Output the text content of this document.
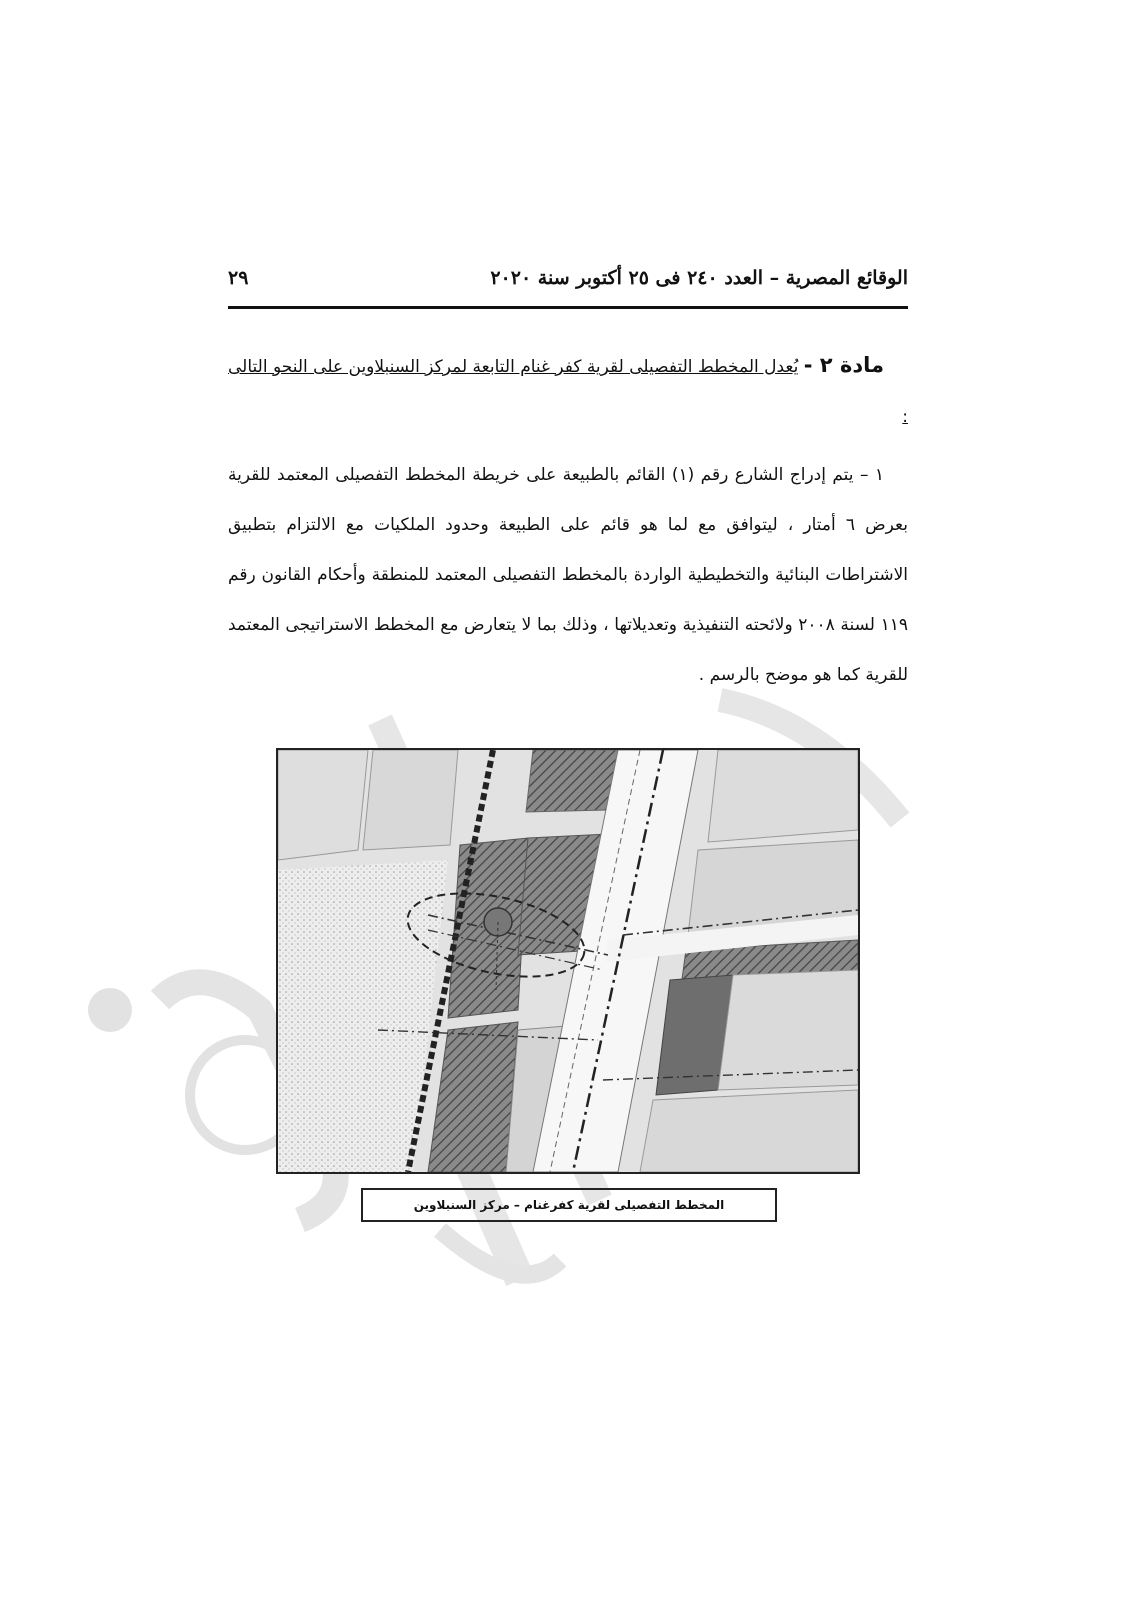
الوقائع المصرية – العدد ٢٤٠ فى ٢٥ أكتوبر سنة ٢٠٢٠
٢٩

مادة ٢ - يُعدل المخطط التفصيلى لقرية كفر غنام التابعة لمركز السنبلاوين على النحو التالى :

١ – يتم إدراج الشارع رقم (١) القائم بالطبيعة على خريطة المخطط التفصيلى المعتمد للقرية بعرض ٦ أمتار ، ليتوافق مع لما هو قائم على الطبيعة وحدود الملكيات مع الالتزام بتطبيق الاشتراطات البنائية والتخطيطية الواردة بالمخطط التفصيلى المعتمد للمنطقة وأحكام القانون رقم ١١٩ لسنة ٢٠٠٨ ولائحته التنفيذية وتعديلاتها ، وذلك بما لا يتعارض مع المخطط الاستراتيجى المعتمد للقرية كما هو موضح بالرسم .

المخطط التفصيلى لقرية كفرغنام – مركز السنبلاوين
